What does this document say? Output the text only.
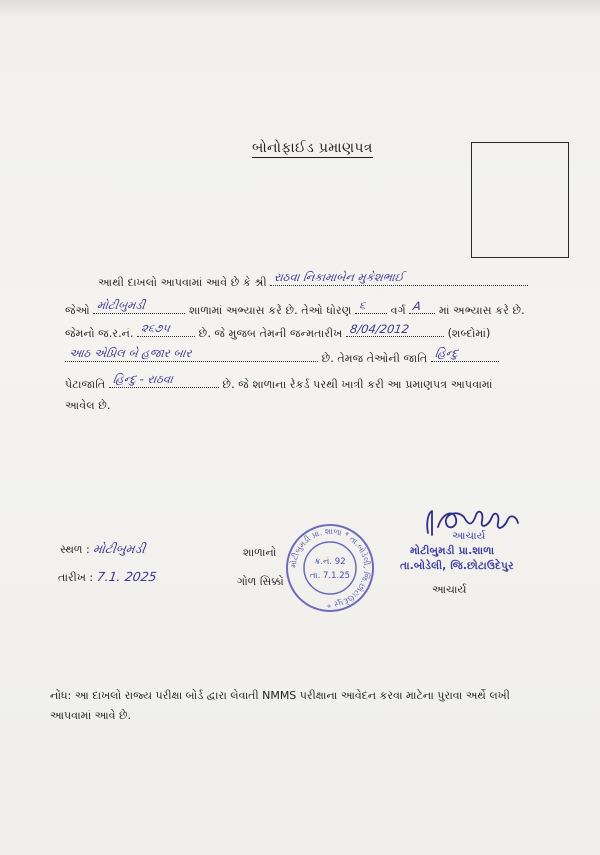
બોનોફાઈડ પ્રમાણપત્ર
આથી દાખલો આપવામાં આવે છે કે શ્રી રાઠવા નિકામાબેન મુકેશભાઈ
જેઓ મોટીબુમડી	શાળામાં અભ્યાસ કરે છે. તેઓ ધોરણ ૬ વર્ગ A માં અભ્યાસ કરે છે.
જેમનો જ.ર.નં. ૨૬૭૫ છે. જે મુજબ તેમની જન્મતારીખ 8/04/2012	(શબ્દોમાં)
આઠ એપ્રિલ બે હજાર બાર	છે. તેમજ તેઓની જાતિ હિન્દુ
પેટાજાતિ હિન્દુ - રાઠવા	છે. જે શાળાના રેકર્ડ પરથી ખાત્રી કરી આ પ્રમાણપત્ર આપવામાં
આવેલ છે.
સ્થળ : મોટીબુમડી
તારીખ : 7.1. 2025
શાળાનો
ગોળ સિક્કો
મોટીબુમડી પ્રા. શાળા * તા.બોડેલી, જિ.છોટાઉદેપુર *
ક્ર.નં. 92
તા. 7.1.25
આચાર્ય
મોટીબુમડી પ્રા.શાળા
તા.બોડેલી, જિ.છોટાઉદેપુર
આચાર્ય
નોંધ: આ દાખલો રાજ્ય પરીક્ષા બોર્ડ દ્વારા લેવાતી NMMS પરીક્ષાના આવેદન કરવા માટેના પુરાવા અર્થે લખી આપવામાં આવે છે.
